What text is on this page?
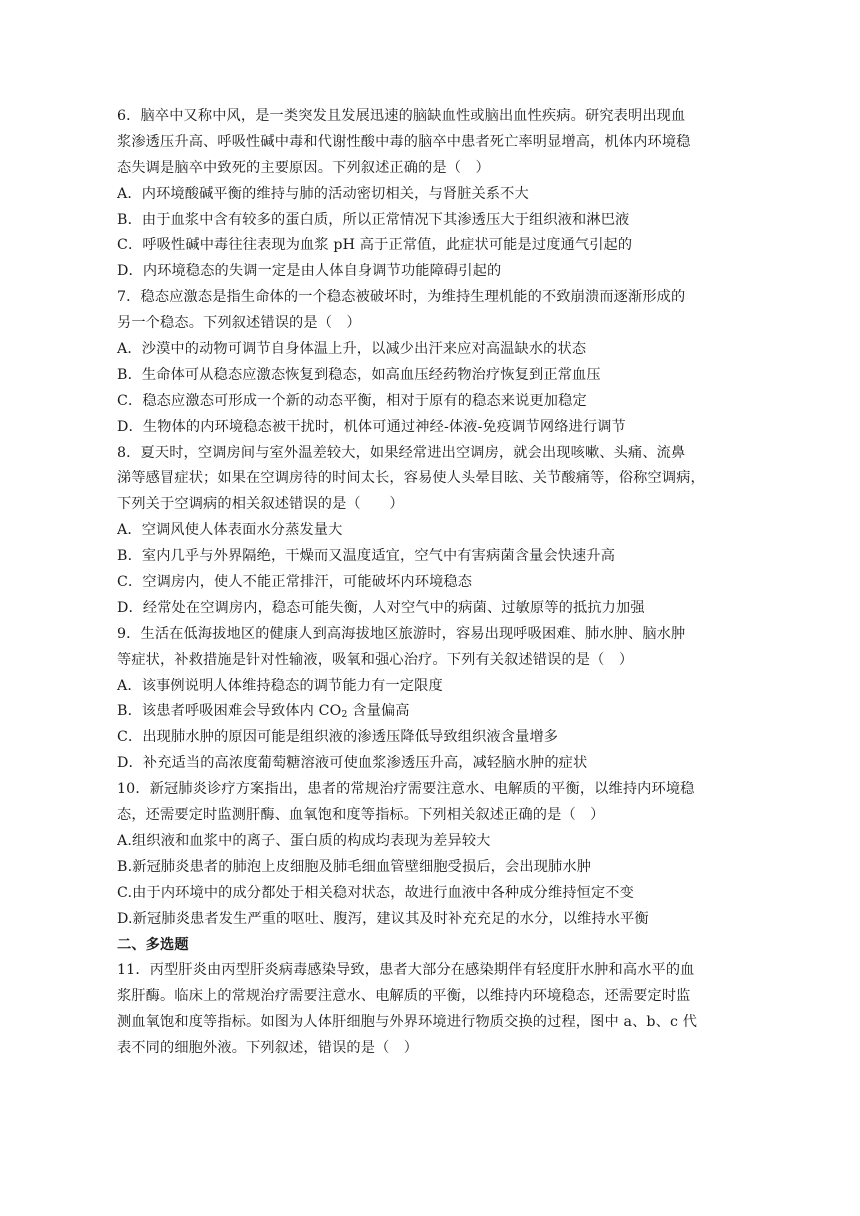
6．脑卒中又称中风，是一类突发且发展迅速的脑缺血性或脑出血性疾病。研究表明出现血
浆渗透压升高、呼吸性碱中毒和代谢性酸中毒的脑卒中患者死亡率明显增高，机体内环境稳
态失调是脑卒中致死的主要原因。下列叙述正确的是（　）
A．内环境酸碱平衡的维持与肺的活动密切相关，与肾脏关系不大
B．由于血浆中含有较多的蛋白质，所以正常情况下其渗透压大于组织液和淋巴液
C．呼吸性碱中毒往往表现为血浆 pH 高于正常值，此症状可能是过度通气引起的
D．内环境稳态的失调一定是由人体自身调节功能障碍引起的
7．稳态应激态是指生命体的一个稳态被破坏时，为维持生理机能的不致崩溃而逐渐形成的
另一个稳态。下列叙述错误的是（　）
A．沙漠中的动物可调节自身体温上升，以减少出汗来应对高温缺水的状态
B．生命体可从稳态应激态恢复到稳态，如高血压经药物治疗恢复到正常血压
C．稳态应激态可形成一个新的动态平衡，相对于原有的稳态来说更加稳定
D．生物体的内环境稳态被干扰时，机体可通过神经-体液-免疫调节网络进行调节
8．夏天时，空调房间与室外温差较大，如果经常进出空调房，就会出现咳嗽、头痛、流鼻
涕等感冒症状；如果在空调房待的时间太长，容易使人头晕目眩、关节酸痛等，俗称空调病，
下列关于空调病的相关叙述错误的是（　　）
A．空调风使人体表面水分蒸发量大
B．室内几乎与外界隔绝，干燥而又温度适宜，空气中有害病菌含量会快速升高
C．空调房内，使人不能正常排汗，可能破坏内环境稳态
D．经常处在空调房内，稳态可能失衡，人对空气中的病菌、过敏原等的抵抗力加强
9．生活在低海拔地区的健康人到高海拔地区旅游时，容易出现呼吸困难、肺水肿、脑水肿
等症状，补救措施是针对性输液，吸氧和强心治疗。下列有关叙述错误的是（　）
A．该事例说明人体维持稳态的调节能力有一定限度
B．该患者呼吸困难会导致体内 $CO_2$ 含量偏高
C．出现肺水肿的原因可能是组织液的渗透压降低导致组织液含量增多
D．补充适当的高浓度葡萄糖溶液可使血浆渗透压升高，减轻脑水肿的症状
10．新冠肺炎诊疗方案指出，患者的常规治疗需要注意水、电解质的平衡，以维持内环境稳
态，还需要定时监测肝酶、血氧饱和度等指标。下列相关叙述正确的是（　）
A.组织液和血浆中的离子、蛋白质的构成均表现为差异较大
B.新冠肺炎患者的肺泡上皮细胞及肺毛细血管壁细胞受损后，会出现肺水肿
C.由于内环境中的成分都处于相关稳对状态，故进行血液中各种成分维持恒定不变
D.新冠肺炎患者发生严重的呕吐、腹泻，建议其及时补充充足的水分，以维持水平衡
二、多选题
11．丙型肝炎由丙型肝炎病毒感染导致，患者大部分在感染期伴有轻度肝水肿和高水平的血
浆肝酶。临床上的常规治疗需要注意水、电解质的平衡，以维持内环境稳态，还需要定时监
测血氧饱和度等指标。如图为人体肝细胞与外界环境进行物质交换的过程，图中 a、b、c 代
表不同的细胞外液。下列叙述，错误的是（　）
